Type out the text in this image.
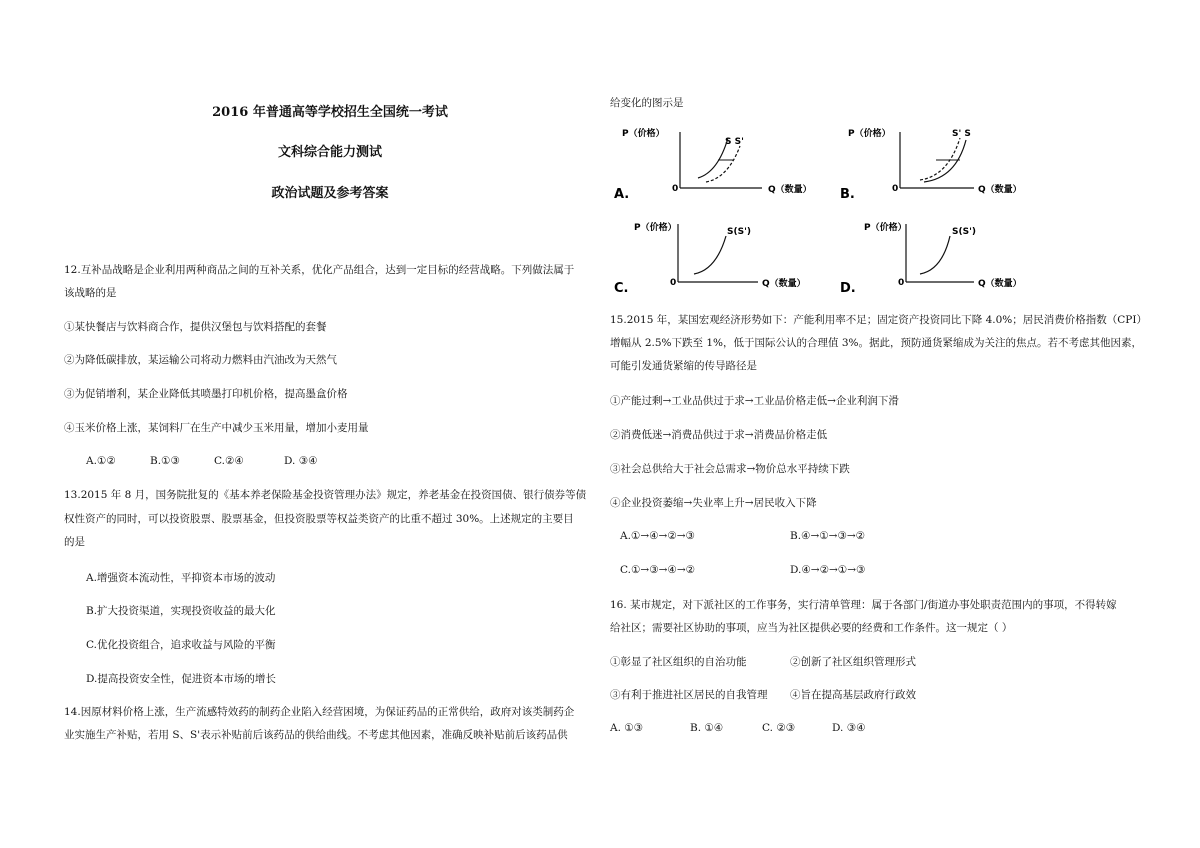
2016 年普通高等学校招生全国统一考试
文科综合能力测试
政治试题及参考答案
12.互补品战略是企业利用两种商品之间的互补关系，优化产品组合，达到一定目标的经营战略。下列做法属于
该战略的是
①某快餐店与饮料商合作，提供汉堡包与饮料搭配的套餐
②为降低碳排放，某运输公司将动力燃料由汽油改为天然气
③为促销增利，某企业降低其喷墨打印机价格，提高墨盒价格
④玉米价格上涨，某饲料厂在生产中减少玉米用量，增加小麦用量
A.①②	B.①③	C.②④	D. ③④
13.2015 年 8 月，国务院批复的《基本养老保险基金投资管理办法》规定，养老基金在投资国债、银行债券等债
权性资产的同时，可以投资股票、股票基金，但投资股票等权益类资产的比重不超过 30%。上述规定的主要目
的是
A.增强资本流动性，平抑资本市场的波动
B.扩大投资渠道，实现投资收益的最大化
C.优化投资组合，追求收益与风险的平衡
D.提高投资安全性，促进资本市场的增长
14.因原材料价格上涨，生产流感特效药的制药企业陷入经营困境，为保证药品的正常供给，政府对该类制药企
业实施生产补贴，若用 S、S'表示补贴前后该药品的供给曲线。不考虑其他因素，准确反映补贴前后该药品供
给变化的图示是
P（价格）
Q（数量）
0
A.
S S'
P（价格）
Q（数量）
0
B.
S' S
P（价格）
Q（数量）
0
C.
S(S')	P（价格）
Q（数量）
0
D.
S(S')
15.2015 年，某国宏观经济形势如下：产能利用率不足；固定资产投资同比下降 4.0%；居民消费价格指数（CPI）
增幅从 2.5%下跌至 1%，低于国际公认的合理值 3%。据此，预防通货紧缩成为关注的焦点。若不考虑其他因素，
可能引发通货紧缩的传导路径是
①产能过剩→工业品供过于求→工业品价格走低→企业利润下滑
②消费低迷→消费品供过于求→消费品价格走低
③社会总供给大于社会总需求→物价总水平持续下跌
④企业投资萎缩→失业率上升→居民收入下降
A.①→④→②→③	B.④→①→③→②
C.①→③→④→②	D.④→②→①→③
16. 某市规定，对下派社区的工作事务，实行清单管理：属于各部门/街道办事处职责范围内的事项，不得转嫁
给社区；需要社区协助的事项，应当为社区提供必要的经费和工作条件。这一规定（ ）
①彰显了社区组织的自治功能	②创新了社区组织管理形式
③有利于推进社区居民的自我管理 ④旨在提高基层政府行政效
A. ①③	B. ①④	C. ②③	D. ③④
